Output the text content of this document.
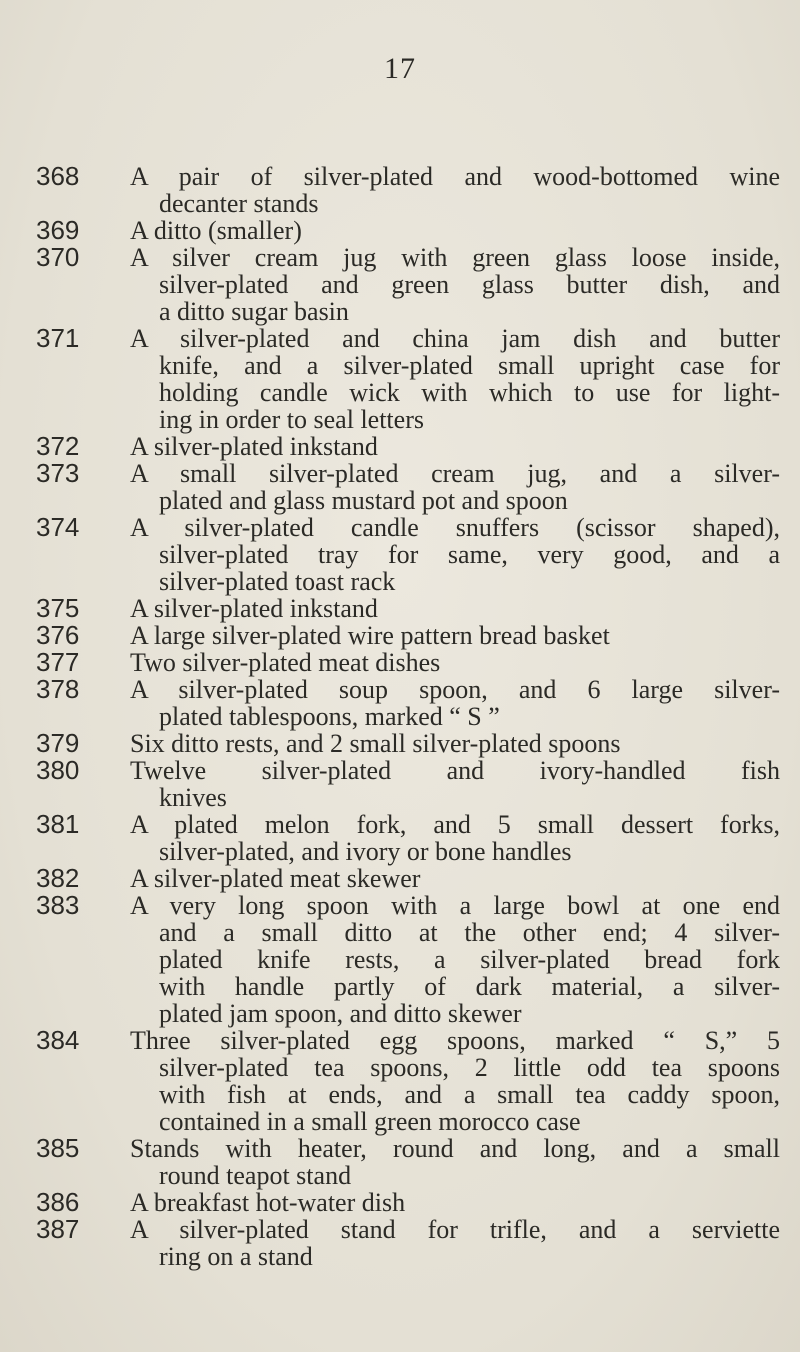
17
368	A pair of silver-plated and wood-bottomed wine
decanter stands
369	A ditto (smaller)
370	A silver cream jug with green glass loose inside,
silver-plated and green glass butter dish, and
a ditto sugar basin
371	A silver-plated and china jam dish and butter
knife, and a silver-plated small upright case for
holding candle wick with which to use for light-
ing in order to seal letters
372	A silver-plated inkstand
373	A small silver-plated cream jug, and a silver-
plated and glass mustard pot and spoon
374	A silver-plated candle snuffers (scissor shaped),
silver-plated tray for same, very good, and a
silver-plated toast rack
375	A silver-plated inkstand
376	A large silver-plated wire pattern bread basket
377	Two silver-plated meat dishes
378	A silver-plated soup spoon, and 6 large silver-
plated tablespoons, marked “ S ”
379	Six ditto rests, and 2 small silver-plated spoons
380	Twelve silver-plated and ivory-handled fish
knives
381	A plated melon fork, and 5 small dessert forks,
silver-plated, and ivory or bone handles
382	A silver-plated meat skewer
383	A very long spoon with a large bowl at one end
and a small ditto at the other end; 4 silver-
plated knife rests, a silver-plated bread fork
with handle partly of dark material, a silver-
plated jam spoon, and ditto skewer
384	Three silver-plated egg spoons, marked “ S,” 5
silver-plated tea spoons, 2 little odd tea spoons
with fish at ends, and a small tea caddy spoon,
contained in a small green morocco case
385	Stands with heater, round and long, and a small
round teapot stand
386	A breakfast hot-water dish
387	A silver-plated stand for trifle, and a serviette
ring on a stand
